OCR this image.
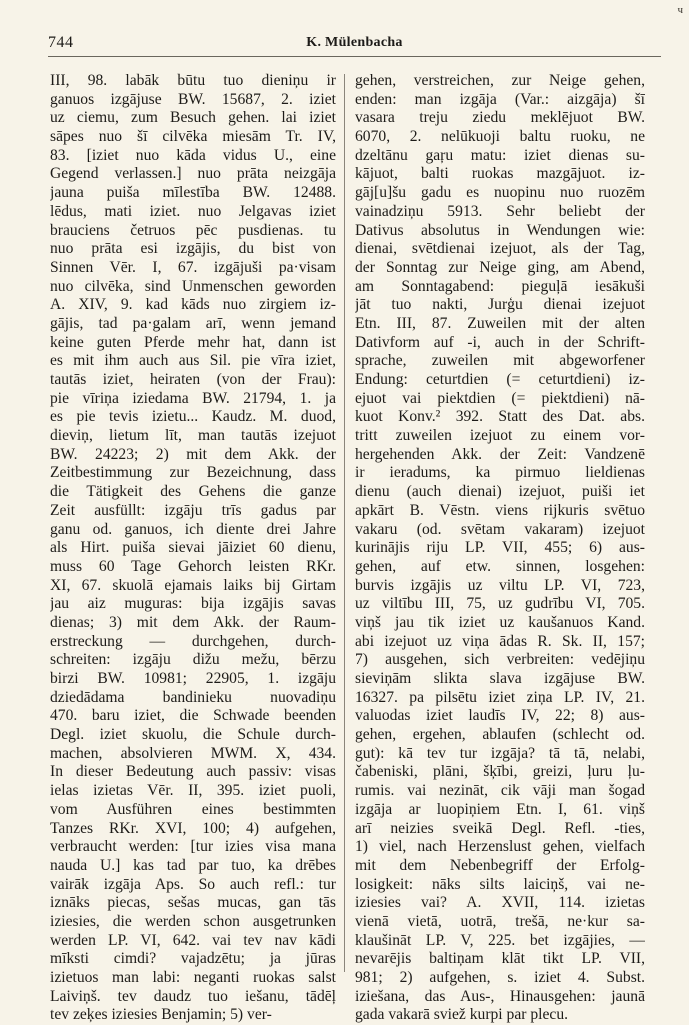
744	K. Mülenbacha
ч
III, 98. labāk būtu tuo dieniņu ir
ganuos izgājuse BW. 15687, 2. iziet
uz ciemu, zum Besuch gehen. lai iziet
sāpes nuo šī cilvēka miesām Tr. IV,
83. [iziet nuo kāda vidus U., eine
Gegend verlassen.] nuo prāta neizgāja
jauna puiša mīlestība BW. 12488.
lēdus, mati iziet. nuo Jelgavas iziet
brauciens četruos pēc pusdienas. tu
nuo prāta esi izgājis, du bist von
Sinnen Vēr. I, 67. izgājuši pa·visam
nuo cilvēka, sind Unmenschen geworden
A. XIV, 9. kad kāds nuo zirgiem iz-
gājis, tad pa·galam arī, wenn jemand
keine guten Pferde mehr hat, dann ist
es mit ihm auch aus Sil. pie vīra iziet,
tautās iziet, heiraten (von der Frau):
pie vīriņa iziedama BW. 21794, 1. ja
es pie tevis izietu... Kaudz. M. duod,
dieviņ, lietum līt, man tautās izejuot
BW. 24223; 2) mit dem Akk. der
Zeitbestimmung zur Bezeichnung, dass
die Tätigkeit des Gehens die ganze
Zeit ausfüllt: izgāju trīs gadus par
ganu od. ganuos, ich diente drei Jahre
als Hirt. puiša sievai jāiziet 60 dienu,
muss 60 Tage Gehorch leisten RKr.
XI, 67. skuolā ejamais laiks bij Girtam
jau aiz muguras: bija izgājis savas
dienas; 3) mit dem Akk. der Raum-
erstreckung — durchgehen, durch-
schreiten: izgāju dižu mežu, bērzu
birzi BW. 10981; 22905, 1. izgāju
dziedādama bandinieku nuovadiņu
470. baru iziet, die Schwade beenden
Degl. iziet skuolu, die Schule durch-
machen, absolvieren MWM. X, 434.
In dieser Bedeutung auch passiv: visas
ielas izietas Vēr. II, 395. iziet puoli,
vom Ausführen eines bestimmten
Tanzes RKr. XVI, 100; 4) aufgehen,
verbraucht werden: [tur izies visa mana
nauda U.] kas tad par tuo, ka drēbes
vairāk izgāja Aps. So auch refl.: tur
iznāks piecas, sešas mucas, gan tās
iziesies, die werden schon ausgetrunken
werden LP. VI, 642. vai tev nav kādi
mīksti cimdi? vajadzētu; ja jūras
izietuos man labi: neganti ruokas salst
Laiviņš. tev daudz tuo iešanu, tādēļ
tev zeķes iziesies Benjamin; 5) ver-
gehen, verstreichen, zur Neige gehen,
enden: man izgāja (Var.: aizgāja) šī
vasara treju ziedu meklējuot BW.
6070, 2. nelūkuoji baltu ruoku, ne
dzeltānu gaŗu matu: iziet dienas su-
kājuot, balti ruokas mazgājuot. iz-
gāj[u]šu gadu es nuopinu nuo ruozēm
vainadziņu 5913. Sehr beliebt der
Dativus absolutus in Wendungen wie:
dienai, svētdienai izejuot, als der Tag,
der Sonntag zur Neige ging, am Abend,
am Sonntagabend: pieguļā iesākuši
jāt tuo nakti, Jurģu dienai izejuot
Etn. III, 87. Zuweilen mit der alten
Dativform auf -i, auch in der Schrift-
sprache, zuweilen mit abgeworfener
Endung: ceturtdien (= ceturtdieni) iz-
ejuot vai piektdien (= piektdieni) nā-
kuot Konv.² 392. Statt des Dat. abs.
tritt zuweilen izejuot zu einem vor-
hergehenden Akk. der Zeit: Vandzenē
ir ieradums, ka pirmuo lieldienas
dienu (auch dienai) izejuot, puiši iet
apkārt B. Vēstn. viens rijkuris svētuo
vakaru (od. svētam vakaram) izejuot
kurinājis riju LP. VII, 455; 6) aus-
gehen, auf etw. sinnen, losgehen:
burvis izgājis uz viltu LP. VI, 723,
uz viltību III, 75, uz gudrību VI, 705.
viņš jau tik iziet uz kaušanuos Kand.
abi izejuot uz viņa ādas R. Sk. II, 157;
7) ausgehen, sich verbreiten: vedējiņu
sieviņām slikta slava izgājuse BW.
16327. pa pilsētu iziet ziņa LP. IV, 21.
valuodas iziet laudīs IV, 22; 8) aus-
gehen, ergehen, ablaufen (schlecht od.
gut): kā tev tur izgāja? tā tā, nelabi,
čabeniski, plāni, šķībi, greizi, ļuru ļu-
rumis. vai nezināt, cik vāji man šogad
izgāja ar luopiņiem Etn. I, 61. viņš
arī neizies sveikā Degl. Refl. -ties,
1) viel, nach Herzenslust gehen, vielfach
mit dem Nebenbegriff der Erfolg-
losigkeit: nāks silts laiciņš, vai ne-
iziesies vai? A. XVII, 114. izietas
vienā vietā, uotrā, trešā, ne·kur sa-
klaušināt LP. V, 225. bet izgājies, —
nevarējis baltiņam klāt tikt LP. VII,
981; 2) aufgehen, s. iziet 4. Subst.
iziešana, das Aus-, Hinausgehen: jaunā
gada vakarā sviež kurpi par plecu.
